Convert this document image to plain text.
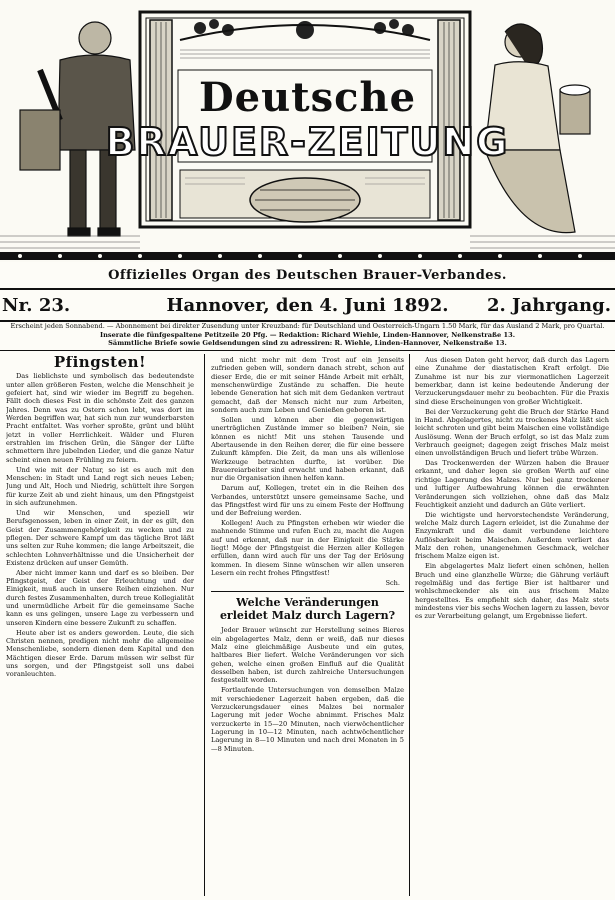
Deutsche
BRAUER-ZEITUNG
Offizielles Organ des Deutschen Brauer-Verbandes.
Hannover, den 4. Juni 1892.
Nr. 23.	2. Jahrgang.
Erscheint jeden Sonnabend. — Abonnement bei direkter Zusendung unter Kreuzband: für Deutschland und Oesterreich-Ungarn 1.50 Mark, für das Ausland 2 Mark, pro Quartal.
Inserate die fünfgespaltene Petitzeile 20 Pfg. — Redaktion: Richard Wiehle, Linden-Hannover, Nelkenstraße 13.
Sämmtliche Briefe sowie Geldsendungen sind zu adressiren: R. Wiehle, Linden-Hannover, Nelkenstraße 13.
Pfingsten!

Das lieblichste und symbolisch das bedeutendste unter allen größeren Festen, welche die Menschheit je gefeiert hat, sind wir wieder im Begriff zu begehen. Fällt doch dieses Fest in die schönste Zeit des ganzen Jahres. Denn was zu Ostern schon lebt, was dort im Werden begriffen war, hat sich nun zur wunderbarsten Pracht entfaltet. Was vorher sproßte, grünt und blüht jetzt in voller Herrlichkeit. Wälder und Fluren erstrahlen im frischen Grün, die Sänger der Lüfte schmettern ihre jubelnden Lieder, und die ganze Natur scheint einen neuen Frühling zu feiern.

Und wie mit der Natur, so ist es auch mit den Menschen: in Stadt und Land regt sich neues Leben; Jung und Alt, Hoch und Niedrig, schüttelt ihre Sorgen für kurze Zeit ab und zieht hinaus, um den Pfingstgeist in sich aufzunehmen.

Und wir Menschen, und speziell wir Berufsgenossen, leben in einer Zeit, in der es gilt, den Geist der Zusammengehörigkeit zu wecken und zu pflegen. Der schwere Kampf um das tägliche Brot läßt uns selten zur Ruhe kommen; die lange Arbeitszeit, die schlechten Lohnverhältnisse und die Unsicherheit der Existenz drücken auf unser Gemüth.

Aber nicht immer kann und darf es so bleiben. Der Pfingstgeist, der Geist der Erleuchtung und der Einigkeit, muß auch in unsere Reihen einziehen. Nur durch festes Zusammenhalten, durch treue Kollegialität und unermüdliche Arbeit für die gemeinsame Sache kann es uns gelingen, unsere Lage zu verbessern und unseren Kindern eine bessere Zukunft zu schaffen.

Heute aber ist es anders geworden. Leute, die sich Christen nennen, predigen nicht mehr die allgemeine Menschenliebe, sondern dienen dem Kapital und den Mächtigen dieser Erde. Darum müssen wir selbst für uns sorgen, und der Pfingstgeist soll uns dabei voranleuchten.

und nicht mehr mit dem Trost auf ein Jenseits zufrieden geben will, sondern danach strebt, schon auf dieser Erde, die er mit seiner Hände Arbeit mit erhält, menschenwürdige Zustände zu schaffen. Die heute lebende Generation hat sich mit dem Gedanken vertraut gemacht, daß der Mensch nicht nur zum Arbeiten, sondern auch zum Leben und Genießen geboren ist.

Sollen und können aber die gegenwärtigen unerträglichen Zustände immer so bleiben? Nein, sie können es nicht! Mit uns stehen Tausende und Abertausende in den Reihen derer, die für eine bessere Zukunft kämpfen. Die Zeit, da man uns als willenlose Werkzeuge betrachten durfte, ist vorüber. Die Brauereiarbeiter sind erwacht und haben erkannt, daß nur die Organisation ihnen helfen kann.

Darum auf, Kollegen, tretet ein in die Reihen des Verbandes, unterstützt unsere gemeinsame Sache, und das Pfingstfest wird für uns zu einem Feste der Hoffnung und der Befreiung werden.

Kollegen! Auch zu Pfingsten erheben wir wieder die mahnende Stimme und rufen Euch zu, macht die Augen auf und erkennt, daß nur in der Einigkeit die Stärke liegt! Möge der Pfingstgeist die Herzen aller Kollegen erfüllen, dann wird auch für uns der Tag der Erlösung kommen. In diesem Sinne wünschen wir allen unseren Lesern ein recht frohes Pfingstfest!

Sch.
Welche Veränderungen erleidet Malz durch Lagern?

Jeder Brauer wünscht zur Herstellung seines Bieres ein abgelagertes Malz, denn er weiß, daß nur dieses Malz eine gleichmäßige Ausbeute und ein gutes, haltbares Bier liefert. Welche Veränderungen vor sich gehen, welche einen großen Einfluß auf die Qualität desselben haben, ist durch zahlreiche Untersuchungen festgestellt worden.

Fortlaufende Untersuchungen von demselben Malze mit verschiedener Lagerzeit haben ergeben, daß die Verzuckerungsdauer eines Malzes bei normaler Lagerung mit jeder Woche abnimmt. Frisches Malz verzuckerte in 15—20 Minuten, nach vierwöchentlicher Lagerung in 10—12 Minuten, nach achtwöchentlicher Lagerung in 8—10 Minuten und nach drei Monaten in 5—8 Minuten.

Aus diesen Daten geht hervor, daß durch das Lagern eine Zunahme der diastatischen Kraft erfolgt. Die Zunahme ist nur bis zur viermonatlichen Lagerzeit bemerkbar, dann ist keine bedeutende Änderung der Verzuckerungsdauer mehr zu beobachten. Für die Praxis sind diese Erscheinungen von großer Wichtigkeit.

Bei der Verzuckerung geht die Bruch der Stärke Hand in Hand. Abgelagertes, nicht zu trockenes Malz läßt sich leicht schroten und gibt beim Maischen eine vollständige Auslösung. Wenn der Bruch erfolgt, so ist das Malz zum Verbrauch geeignet; dagegen zeigt frisches Malz meist einen unvollständigen Bruch und liefert trübe Würzen.

Das Trockenwerden der Würzen haben die Brauer erkannt, und daher legen sie großen Werth auf eine richtige Lagerung des Malzes. Nur bei ganz trockener und luftiger Aufbewahrung können die erwähnten Veränderungen sich vollziehen, ohne daß das Malz Feuchtigkeit anzieht und dadurch an Güte verliert.

Die wichtigste und hervorstechendste Veränderung, welche Malz durch Lagern erleidet, ist die Zunahme der Enzymkraft und die damit verbundene leichtere Auflösbarkeit beim Maischen. Außerdem verliert das Malz den rohen, unangenehmen Geschmack, welcher frischem Malze eigen ist.

Ein abgelagertes Malz liefert einen schönen, hellen Bruch und eine glanzhelle Würze; die Gährung verläuft regelmäßig und das fertige Bier ist haltbarer und wohlschmeckender als ein aus frischem Malze hergestelltes. Es empfiehlt sich daher, das Malz stets mindestens vier bis sechs Wochen lagern zu lassen, bevor es zur Verarbeitung gelangt, um Ergebnisse liefert.
